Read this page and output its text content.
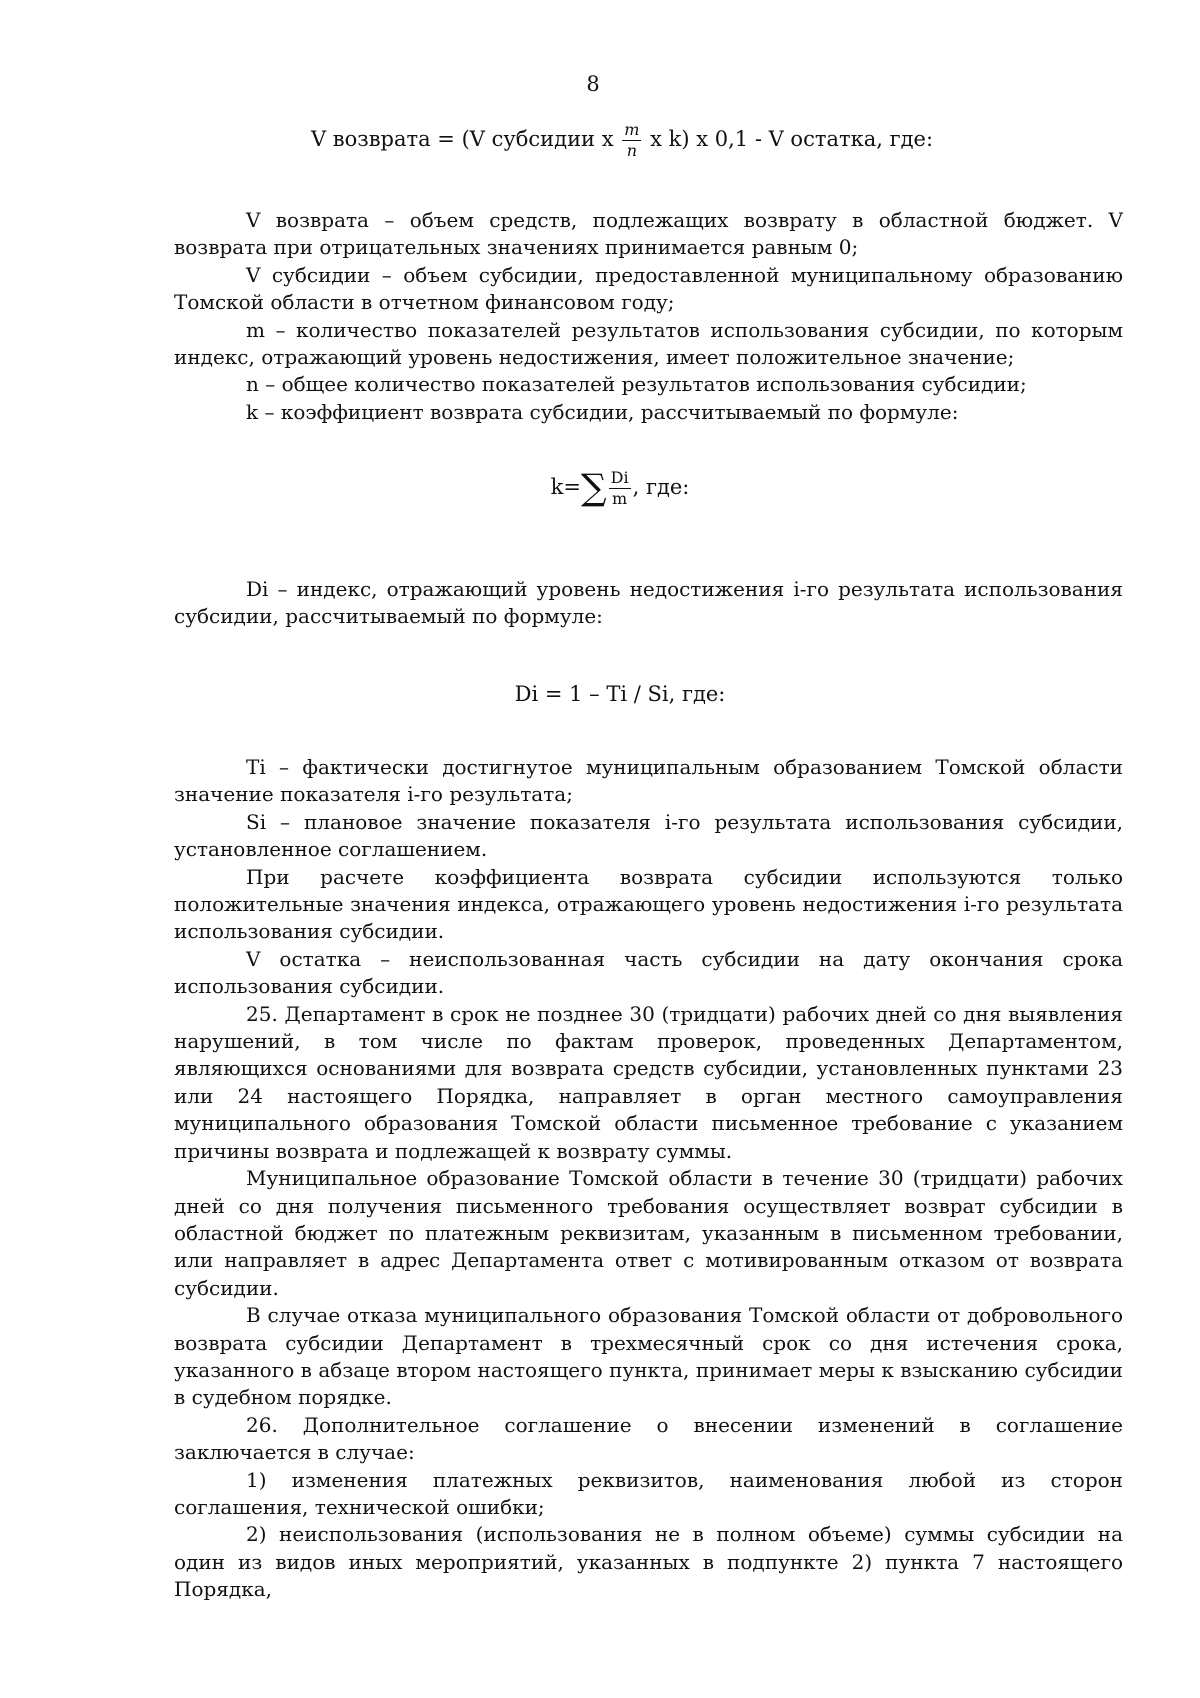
8
V возврата = (V субсидии x $\frac{m}{n}$ x k) x 0,1 - V остатка, где:

V возврата – объем средств, подлежащих возврату в областной бюджет. V возврата при отрицательных значениях принимается равным 0;

V субсидии – объем субсидии, предоставленной муниципальному образованию Томской области в отчетном финансовом году;

m – количество показателей результатов использования субсидии, по которым индекс, отражающий уровень недостижения, имеет положительное значение;

n – общее количество показателей результатов использования субсидии;

k – коэффициент возврата субсидии, рассчитываемый по формуле:

$k=\sum \frac{Di}{m}$ , где:

Di – индекс, отражающий уровень недостижения i-го результата использования субсидии, рассчитываемый по формуле:

Di = 1 – Ti / Si, где:

Ti – фактически достигнутое муниципальным образованием Томской области значение показателя i-го результата;

Si – плановое значение показателя i-го результата использования субсидии, установленное соглашением.

При расчете коэффициента возврата субсидии используются только положительные значения индекса, отражающего уровень недостижения i-го результата использования субсидии.

V остатка – неиспользованная часть субсидии на дату окончания срока использования субсидии.

25. Департамент в срок не позднее 30 (тридцати) рабочих дней со дня выявления нарушений, в том числе по фактам проверок, проведенных Департаментом, являющихся основаниями для возврата средств субсидии, установленных пунктами 23 или 24 настоящего Порядка, направляет в орган местного самоуправления муниципального образования Томской области письменное требование с указанием причины возврата и подлежащей к возврату суммы.

Муниципальное образование Томской области в течение 30 (тридцати) рабочих дней со дня получения письменного требования осуществляет возврат субсидии в областной бюджет по платежным реквизитам, указанным в письменном требовании, или направляет в адрес Департамента ответ с мотивированным отказом от возврата субсидии.

В случае отказа муниципального образования Томской области от добровольного возврата субсидии Департамент в трехмесячный срок со дня истечения срока, указанного в абзаце втором настоящего пункта, принимает меры к взысканию субсидии в судебном порядке.

26. Дополнительное соглашение о внесении изменений в соглашение заключается в случае:

1) изменения платежных реквизитов, наименования любой из сторон соглашения, технической ошибки;

2) неиспользования (использования не в полном объеме) суммы субсидии на один из видов иных мероприятий, указанных в подпункте 2) пункта 7 настоящего Порядка,
